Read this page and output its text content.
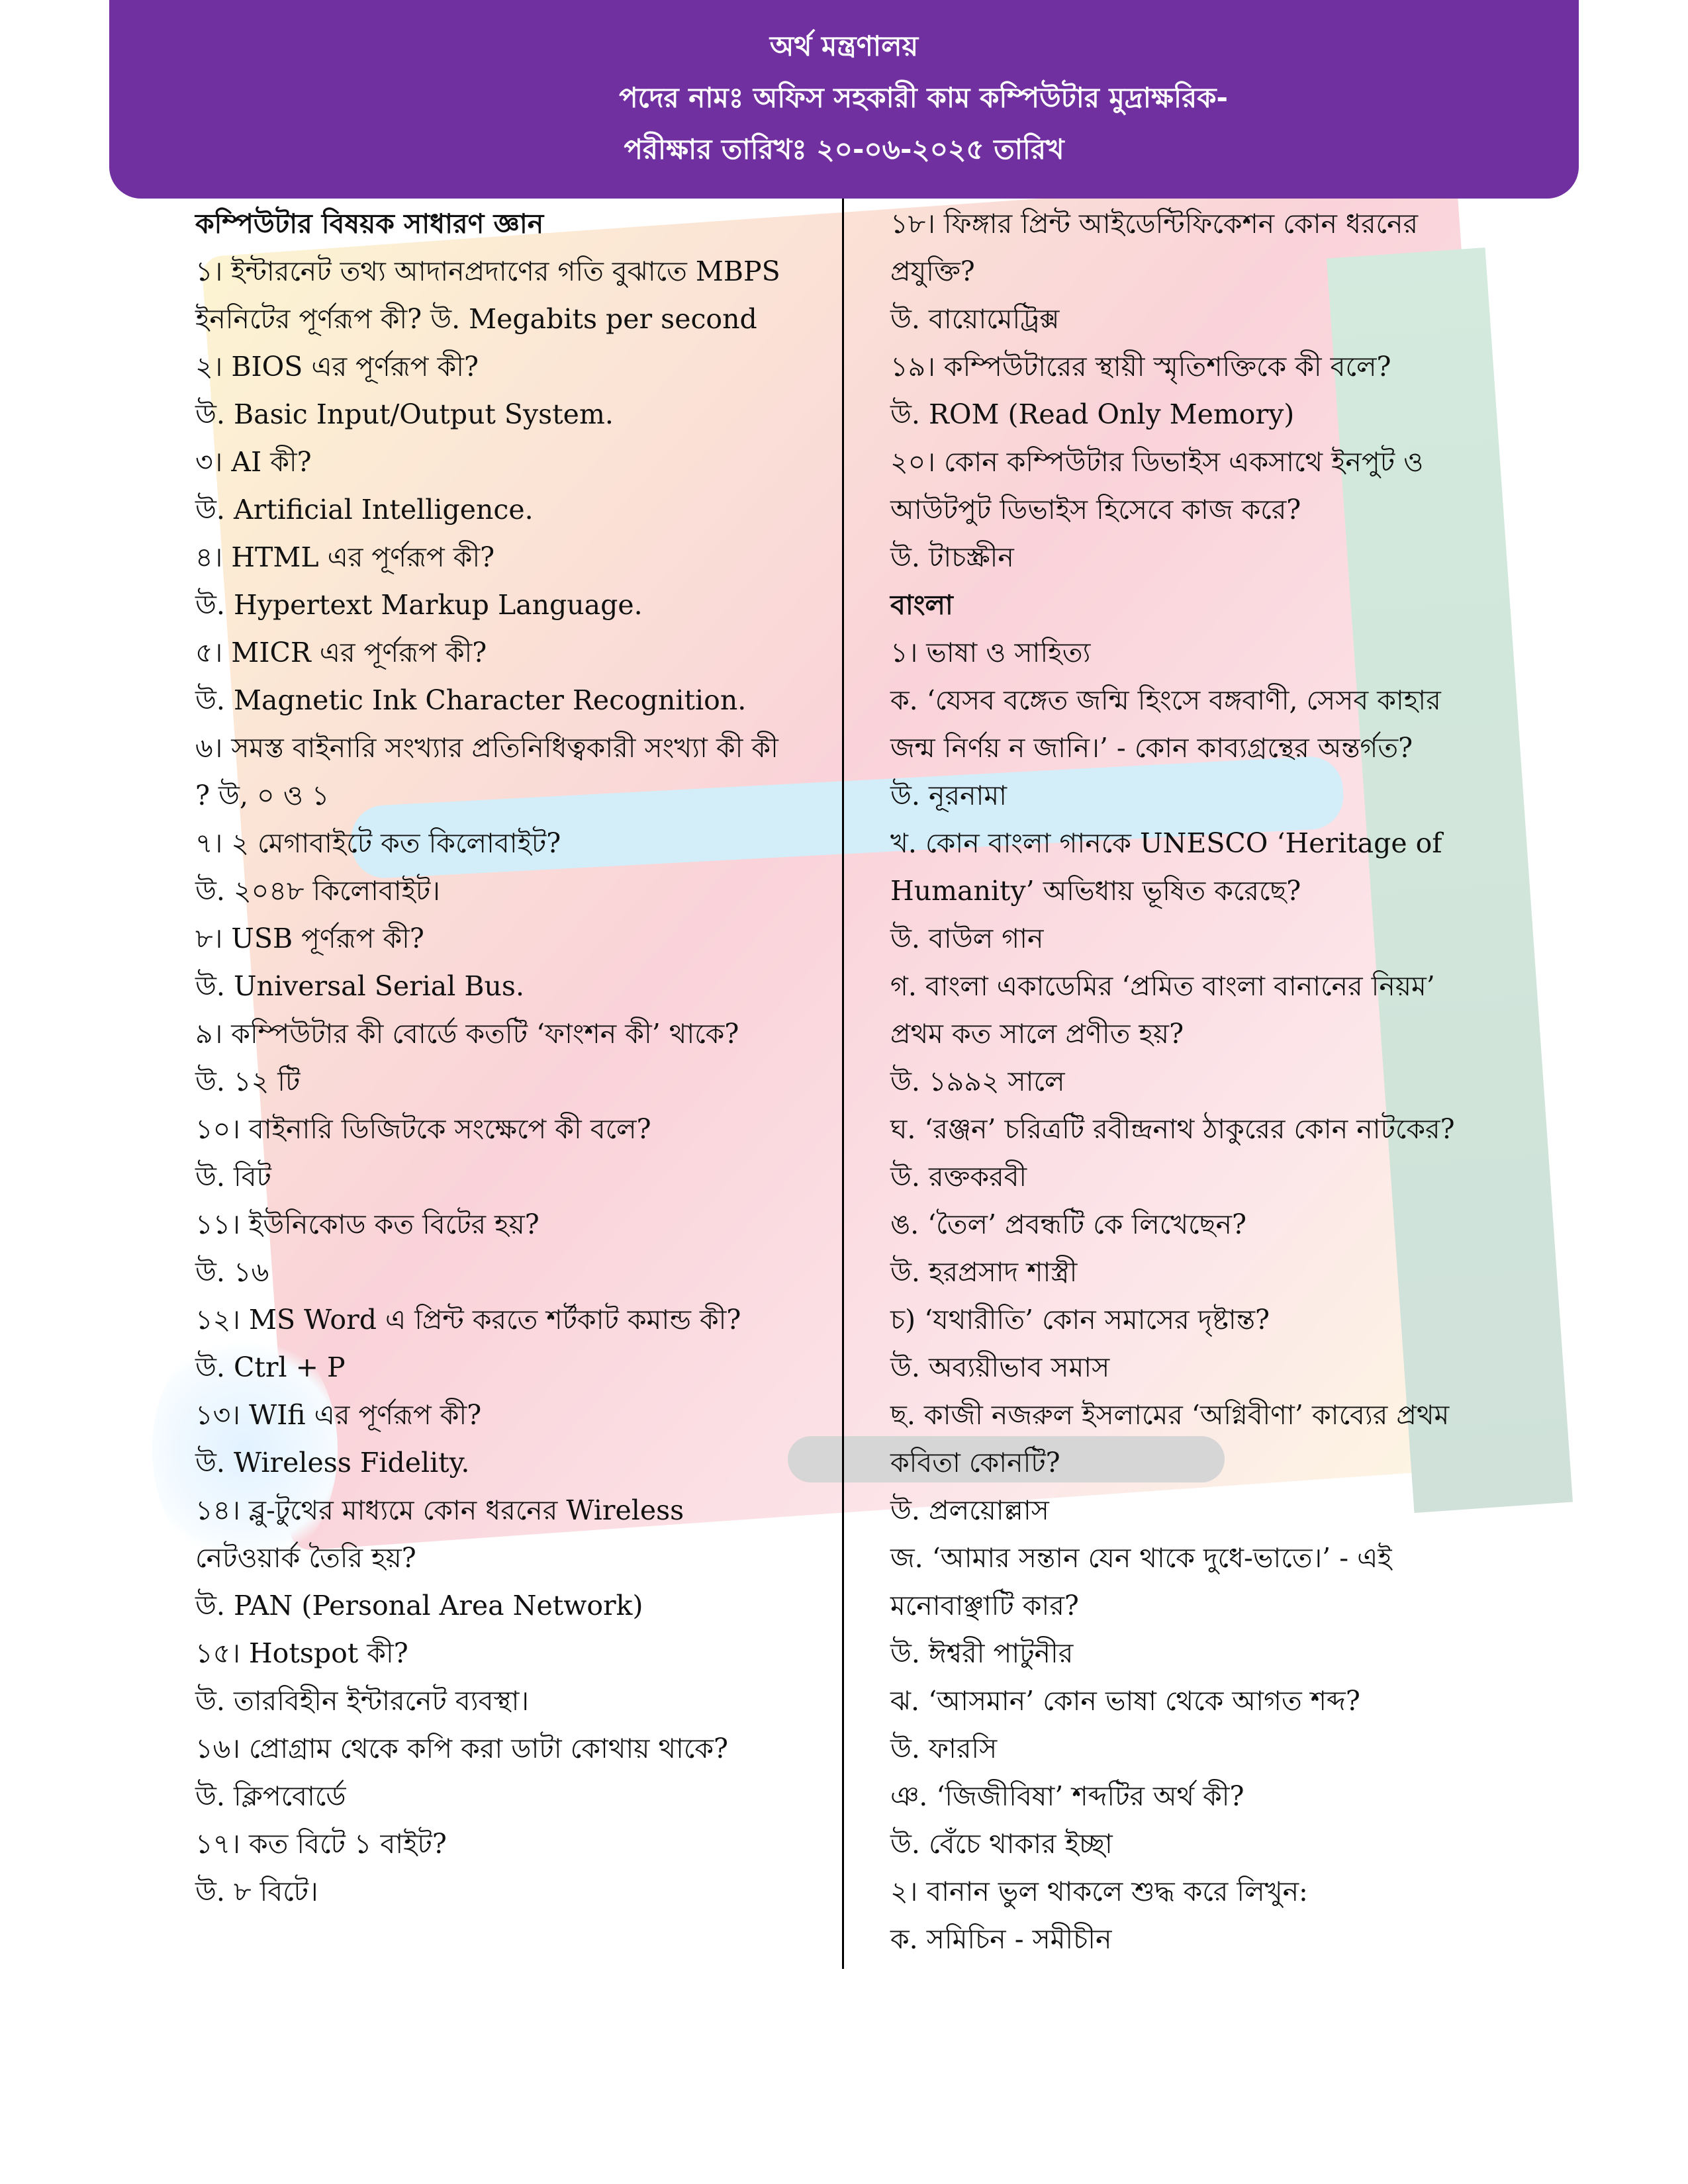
অর্থ মন্ত্রণালয়
পদের নামঃ অফিস সহকারী কাম কম্পিউটার মুদ্রাক্ষরিক-
পরীক্ষার তারিখঃ ২০-০৬-২০২৫ তারিখ
কম্পিউটার বিষয়ক সাধারণ জ্ঞান
১। ইন্টারনেট তথ্য আদানপ্রদাণের গতি বুঝাতে MBPS
ইননিটের পূর্ণরূপ কী? উ. Megabits per second
২। BIOS এর পূর্ণরূপ কী?
উ. Basic Input/Output System.
৩। AI কী?
উ. Artificial Intelligence.
৪। HTML এর পূর্ণরূপ কী?
উ. Hypertext Markup Language.
৫। MICR এর পূর্ণরূপ কী?
উ. Magnetic Ink Character Recognition.
৬। সমস্ত বাইনারি সংখ্যার প্রতিনিধিত্বকারী সংখ্যা কী কী
? উ, ০ ও ১
৭। ২ মেগাবাইটে কত কিলোবাইট?
উ. ২০৪৮ কিলোবাইট।
৮। USB পূর্ণরূপ কী?
উ. Universal Serial Bus.
৯। কম্পিউটার কী বোর্ডে কতটি ‘ফাংশন কী’ থাকে?
উ. ১২ টি
১০। বাইনারি ডিজিটকে সংক্ষেপে কী বলে?
উ. বিট
১১। ইউনিকোড কত বিটের হয়?
উ. ১৬
১২। MS Word এ প্রিন্ট করতে শর্টকাট কমান্ড কী?
উ. Ctrl + P
১৩। WIfi এর পূর্ণরূপ কী?
উ. Wireless Fidelity.
১৪। ব্লু-টুথের মাধ্যমে কোন ধরনের Wireless
নেটওয়ার্ক তৈরি হয়?
উ. PAN (Personal Area Network)
১৫। Hotspot কী?
উ. তারবিহীন ইন্টারনেট ব্যবস্থা।
১৬। প্রোগ্রাম থেকে কপি করা ডাটা কোথায় থাকে?
উ. ক্লিপবোর্ডে
১৭। কত বিটে ১ বাইট?
উ. ৮ বিটে।
১৮। ফিঙ্গার প্রিন্ট আইডেন্টিফিকেশন কোন ধরনের
প্রযুক্তি?
উ. বায়োমেট্রিক্স
১৯। কম্পিউটারের স্থায়ী স্মৃতিশক্তিকে কী বলে?
উ. ROM (Read Only Memory)
২০। কোন কম্পিউটার ডিভাইস একসাথে ইনপুট ও
আউটপুট ডিভাইস হিসেবে কাজ করে?
উ. টাচস্ক্রীন
বাংলা
১। ভাষা ও সাহিত্য
ক. ‘যেসব বঙ্গেত জন্মি হিংসে বঙ্গবাণী, সেসব কাহার
জন্ম নির্ণয় ন জানি।’ - কোন কাব্যগ্রন্থের অন্তর্গত?
উ. নূরনামা
খ. কোন বাংলা গানকে UNESCO ‘Heritage of
Humanity’ অভিধায় ভূষিত করেছে?
উ. বাউল গান
গ. বাংলা একাডেমির ‘প্রমিত বাংলা বানানের নিয়ম’
প্রথম কত সালে প্রণীত হয়?
উ. ১৯৯২ সালে
ঘ. ‘রঞ্জন’ চরিত্রটি রবীন্দ্রনাথ ঠাকুরের কোন নাটকের?
উ. রক্তকরবী
ঙ. ‘তৈল’ প্রবন্ধটি কে লিখেছেন?
উ. হরপ্রসাদ শাস্ত্রী
চ) ‘যথারীতি’ কোন সমাসের দৃষ্টান্ত?
উ. অব্যয়ীভাব সমাস
ছ. কাজী নজরুল ইসলামের ‘অগ্নিবীণা’ কাব্যের প্রথম
কবিতা কোনটি?
উ. প্রলয়োল্লাস
জ. ‘আমার সন্তান যেন থাকে দুধে-ভাতে।’ - এই
মনোবাঞ্ছাটি কার?
উ. ঈশ্বরী পাটুনীর
ঝ. ‘আসমান’ কোন ভাষা থেকে আগত শব্দ?
উ. ফারসি
ঞ. ‘জিজীবিষা’ শব্দটির অর্থ কী?
উ. বেঁচে থাকার ইচ্ছা
২। বানান ভুল থাকলে শুদ্ধ করে লিখুন:
ক. সমিচিন - সমীচীন
